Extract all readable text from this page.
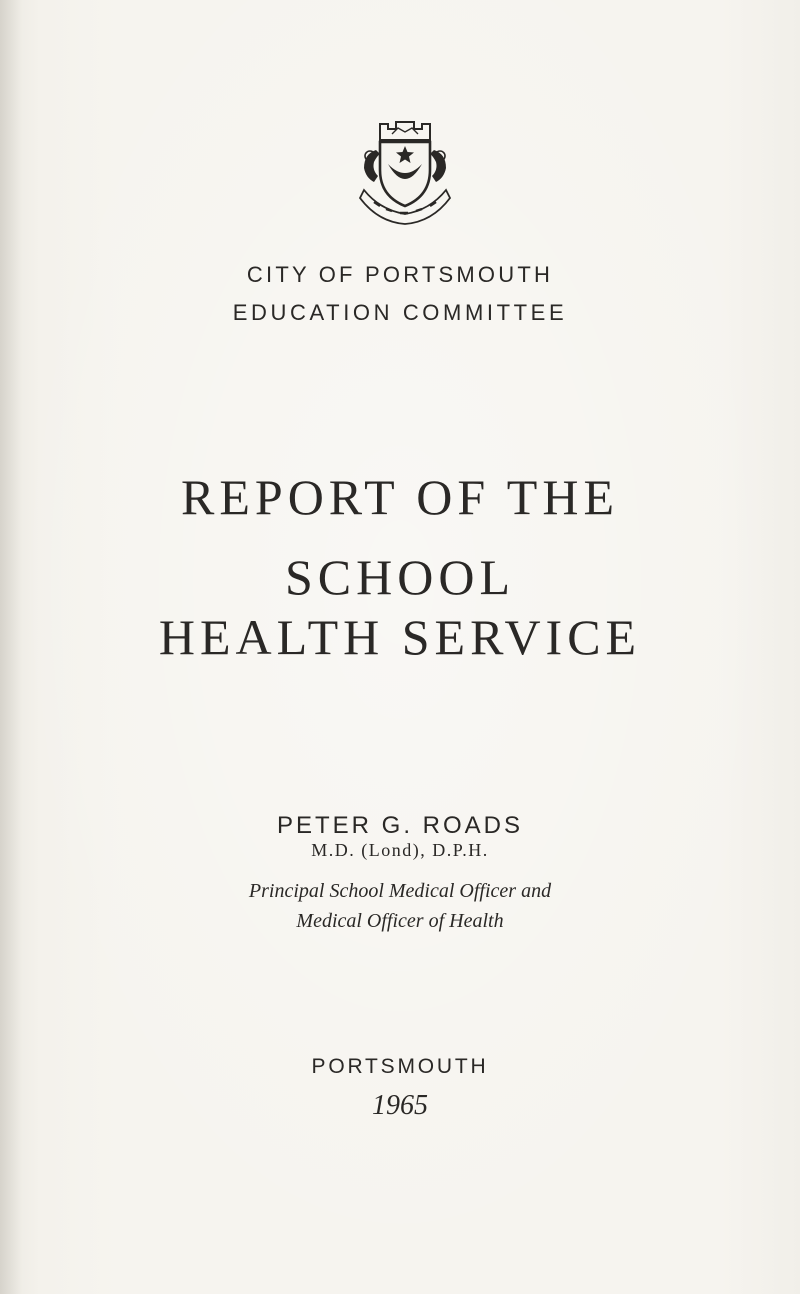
CITY OF PORTSMOUTH
EDUCATION COMMITTEE
REPORT OF THE
SCHOOL
HEALTH SERVICE
PETER G. ROADS
M.D. (Lond), D.P.H.
Principal School Medical Officer and
Medical Officer of Health
PORTSMOUTH
1965
